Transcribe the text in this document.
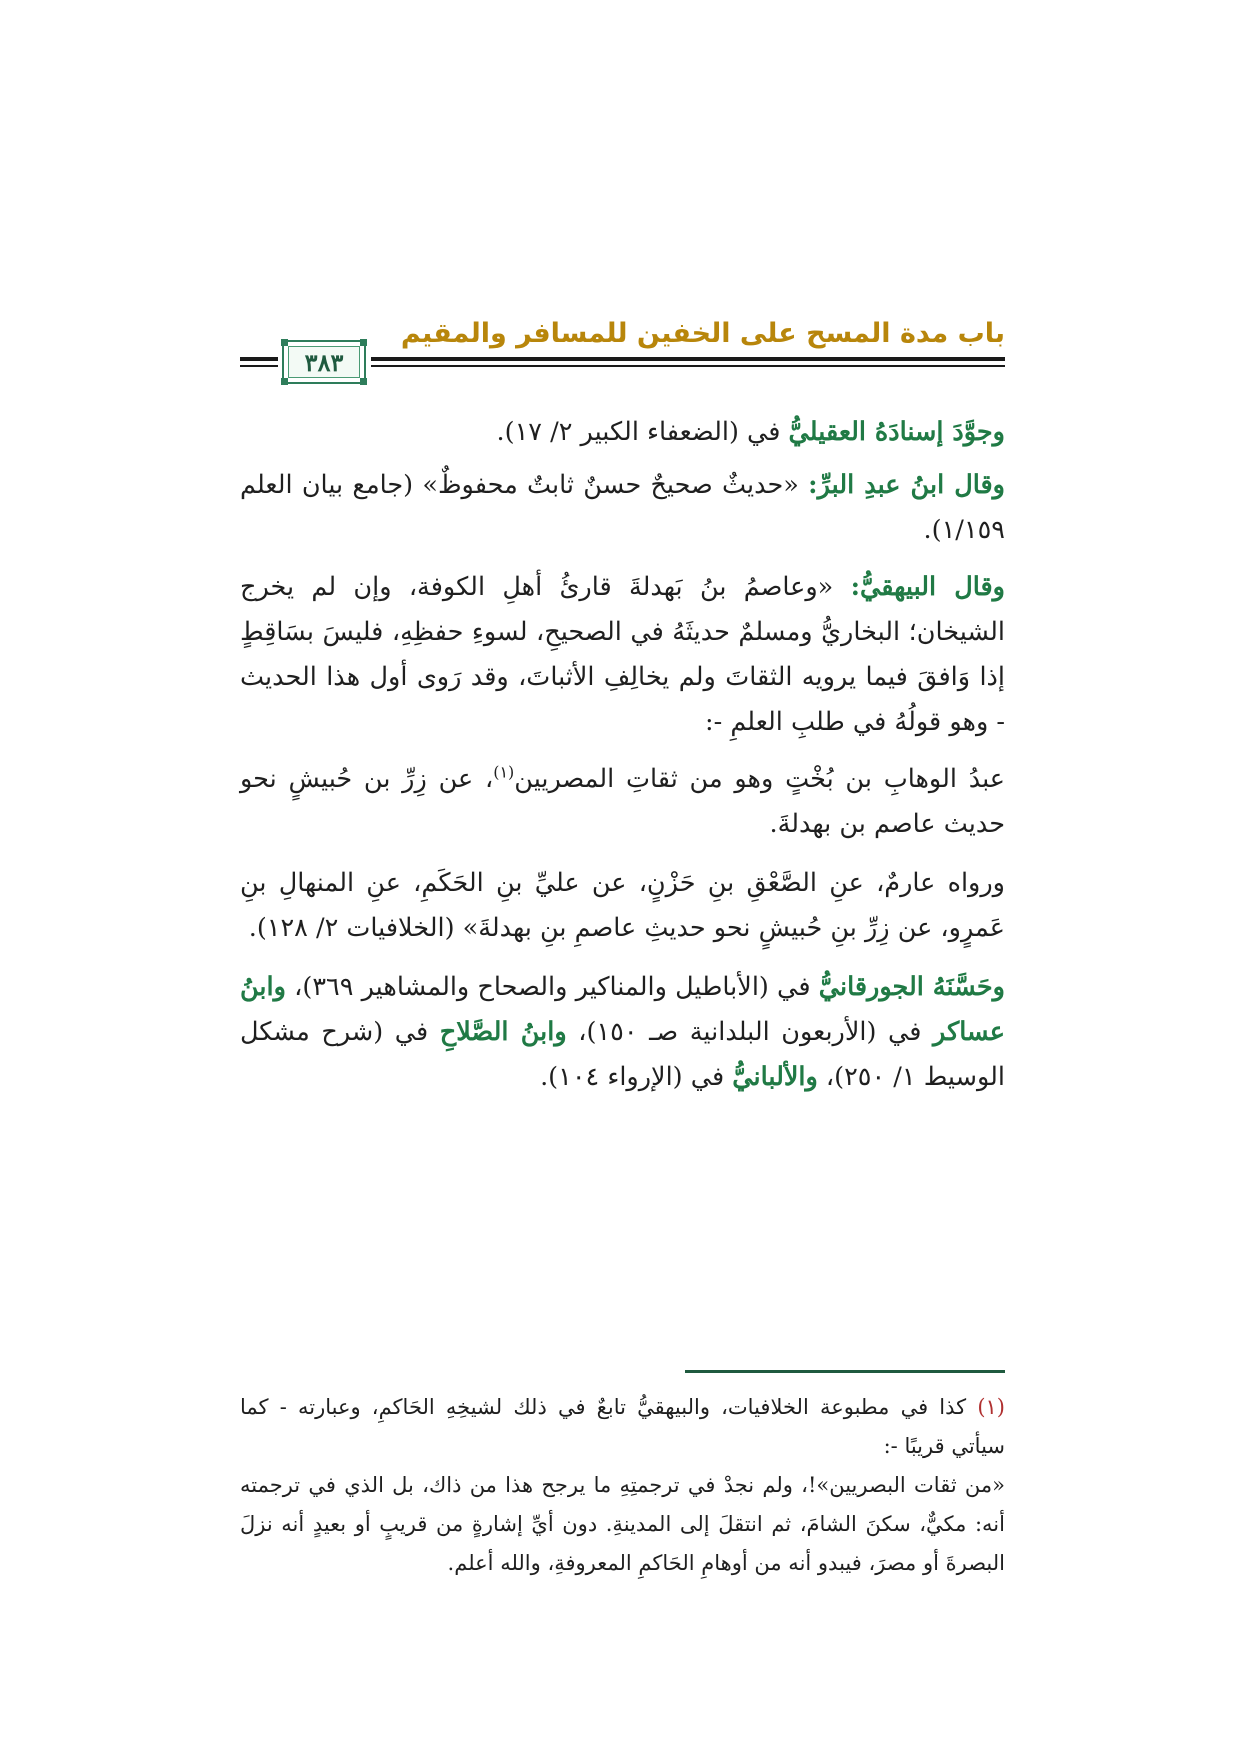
باب مدة المسح على الخفين للمسافر والمقيم
٣٨٣

وجوَّدَ إسنادَهُ العقيليُّ في (الضعفاء الكبير ٢/ ١٧).

وقال ابنُ عبدِ البرِّ: «حديثٌ صحيحٌ حسنٌ ثابتٌ محفوظٌ» (جامع بيان العلم ١/١٥٩).

وقال البيهقيُّ: «وعاصمُ بنُ بَهدلةَ قارئُ أهلِ الكوفة، وإن لم يخرج الشيخان؛ البخاريُّ ومسلمٌ حديثَهُ في الصحيحِ، لسوءِ حفظِهِ، فليسَ بسَاقِطٍ إذا وَافقَ فيما يرويه الثقاتَ ولم يخالِفِ الأثباتَ، وقد رَوى أول هذا الحديث - وهو قولُهُ في طلبِ العلمِ -:

عبدُ الوهابِ بن بُخْتٍ وهو من ثقاتِ المصريين$^{(١)}$، عن زِرِّ بن حُبيشٍ نحو حديث عاصم بن بهدلةَ.

ورواه عارمٌ، عنِ الصَّعْقِ بنِ حَزْنٍ، عن عليِّ بنِ الحَكَمِ، عنِ المنهالِ بنِ عَمرٍو، عن زِرِّ بنِ حُبيشٍ نحو حديثِ عاصمِ بنِ بهدلةَ» (الخلافيات ٢/ ١٢٨).

وحَسَّنَهُ الجورقانيُّ في (الأباطيل والمناكير والصحاح والمشاهير ٣٦٩)، وابنُ عساكر في (الأربعون البلدانية صـ ١٥٠)، وابنُ الصَّلاحِ في (شرح مشكل الوسيط ١/ ٢٥٠)، والألبانيُّ في (الإرواء ١٠٤).

(١) كذا في مطبوعة الخلافيات، والبيهقيُّ تابعٌ في ذلك لشيخِهِ الحَاكمِ، وعبارته - كما سيأتي قريبًا -:

«من ثقات البصريين»!، ولم نجدْ في ترجمتِهِ ما يرجح هذا من ذاك، بل الذي في ترجمته أنه: مكيٌّ، سكنَ الشامَ، ثم انتقلَ إلى المدينةِ. دون أيِّ إشارةٍ من قريبٍ أو بعيدٍ أنه نزلَ البصرةَ أو مصرَ، فيبدو أنه من أوهامِ الحَاكمِ المعروفةِ، والله أعلم.
